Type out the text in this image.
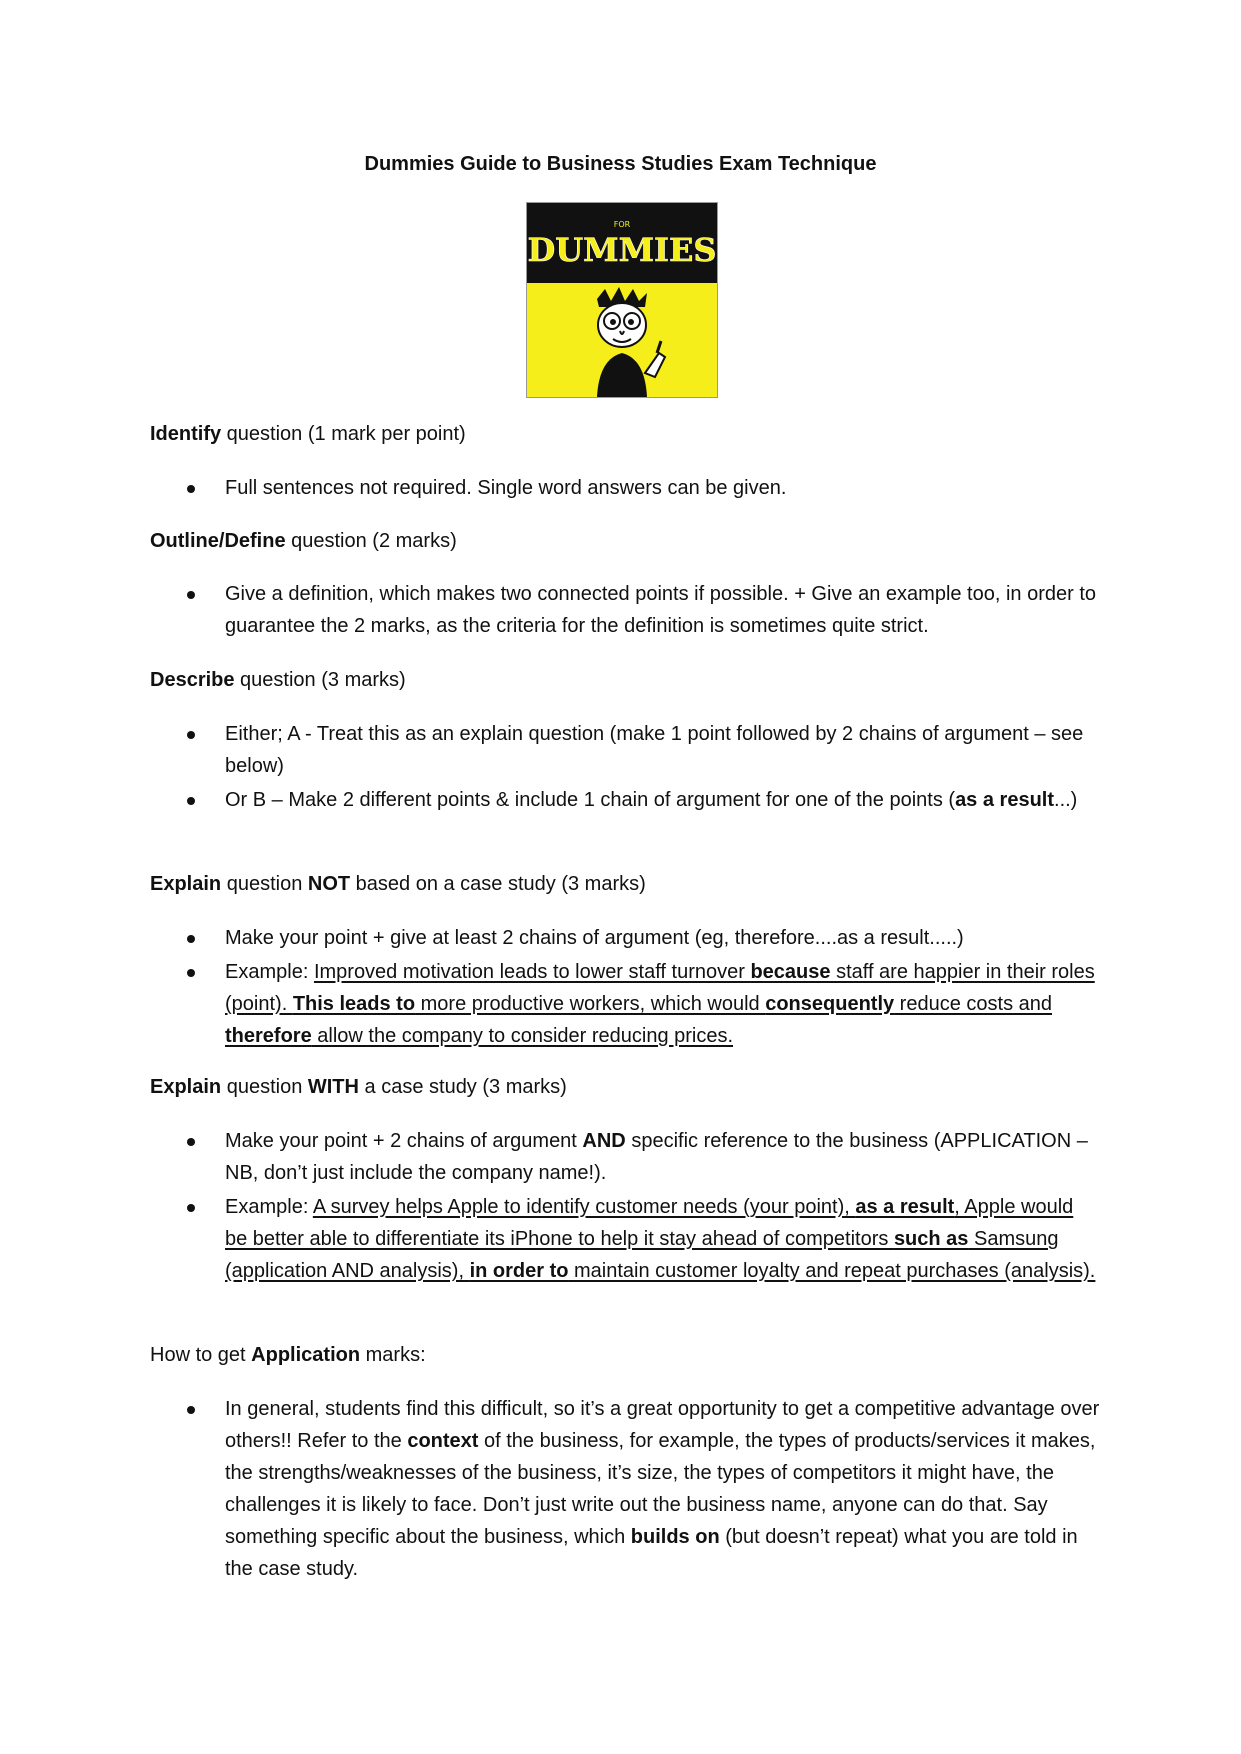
Dummies Guide to Business Studies Exam Technique
FOR
DUMMIES
Identify question (1 mark per point)
Full sentences not required. Single word answers can be given.
Outline/Define question (2 marks)
Give a definition, which makes two connected points if possible. + Give an example too, in order to guarantee the 2 marks, as the criteria for the definition is sometimes quite strict.
Describe question (3 marks)
Either; A - Treat this as an explain question (make 1 point followed by 2 chains of argument – see below)
Or B – Make 2 different points & include 1 chain of argument for one of the points (as a result...)
Explain question NOT based on a case study (3 marks)
Make your point + give at least 2 chains of argument (eg, therefore....as a result.....)
Example: Improved motivation leads to lower staff turnover because staff are happier in their roles (point). This leads to more productive workers, which would consequently reduce costs and therefore allow the company to consider reducing prices.
Explain question WITH a case study (3 marks)
Make your point + 2 chains of argument AND specific reference to the business (APPLICATION – NB, don’t just include the company name!).
Example: A survey helps Apple to identify customer needs (your point), as a result, Apple would be better able to differentiate its iPhone to help it stay ahead of competitors such as Samsung (application AND analysis), in order to maintain customer loyalty and repeat purchases (analysis).
How to get Application marks:
In general, students find this difficult, so it’s a great opportunity to get a competitive advantage over others!! Refer to the context of the business, for example, the types of products/services it makes, the strengths/weaknesses of the business, it’s size, the types of competitors it might have, the challenges it is likely to face. Don’t just write out the business name, anyone can do that. Say something specific about the business, which builds on (but doesn’t repeat) what you are told in the case study.
